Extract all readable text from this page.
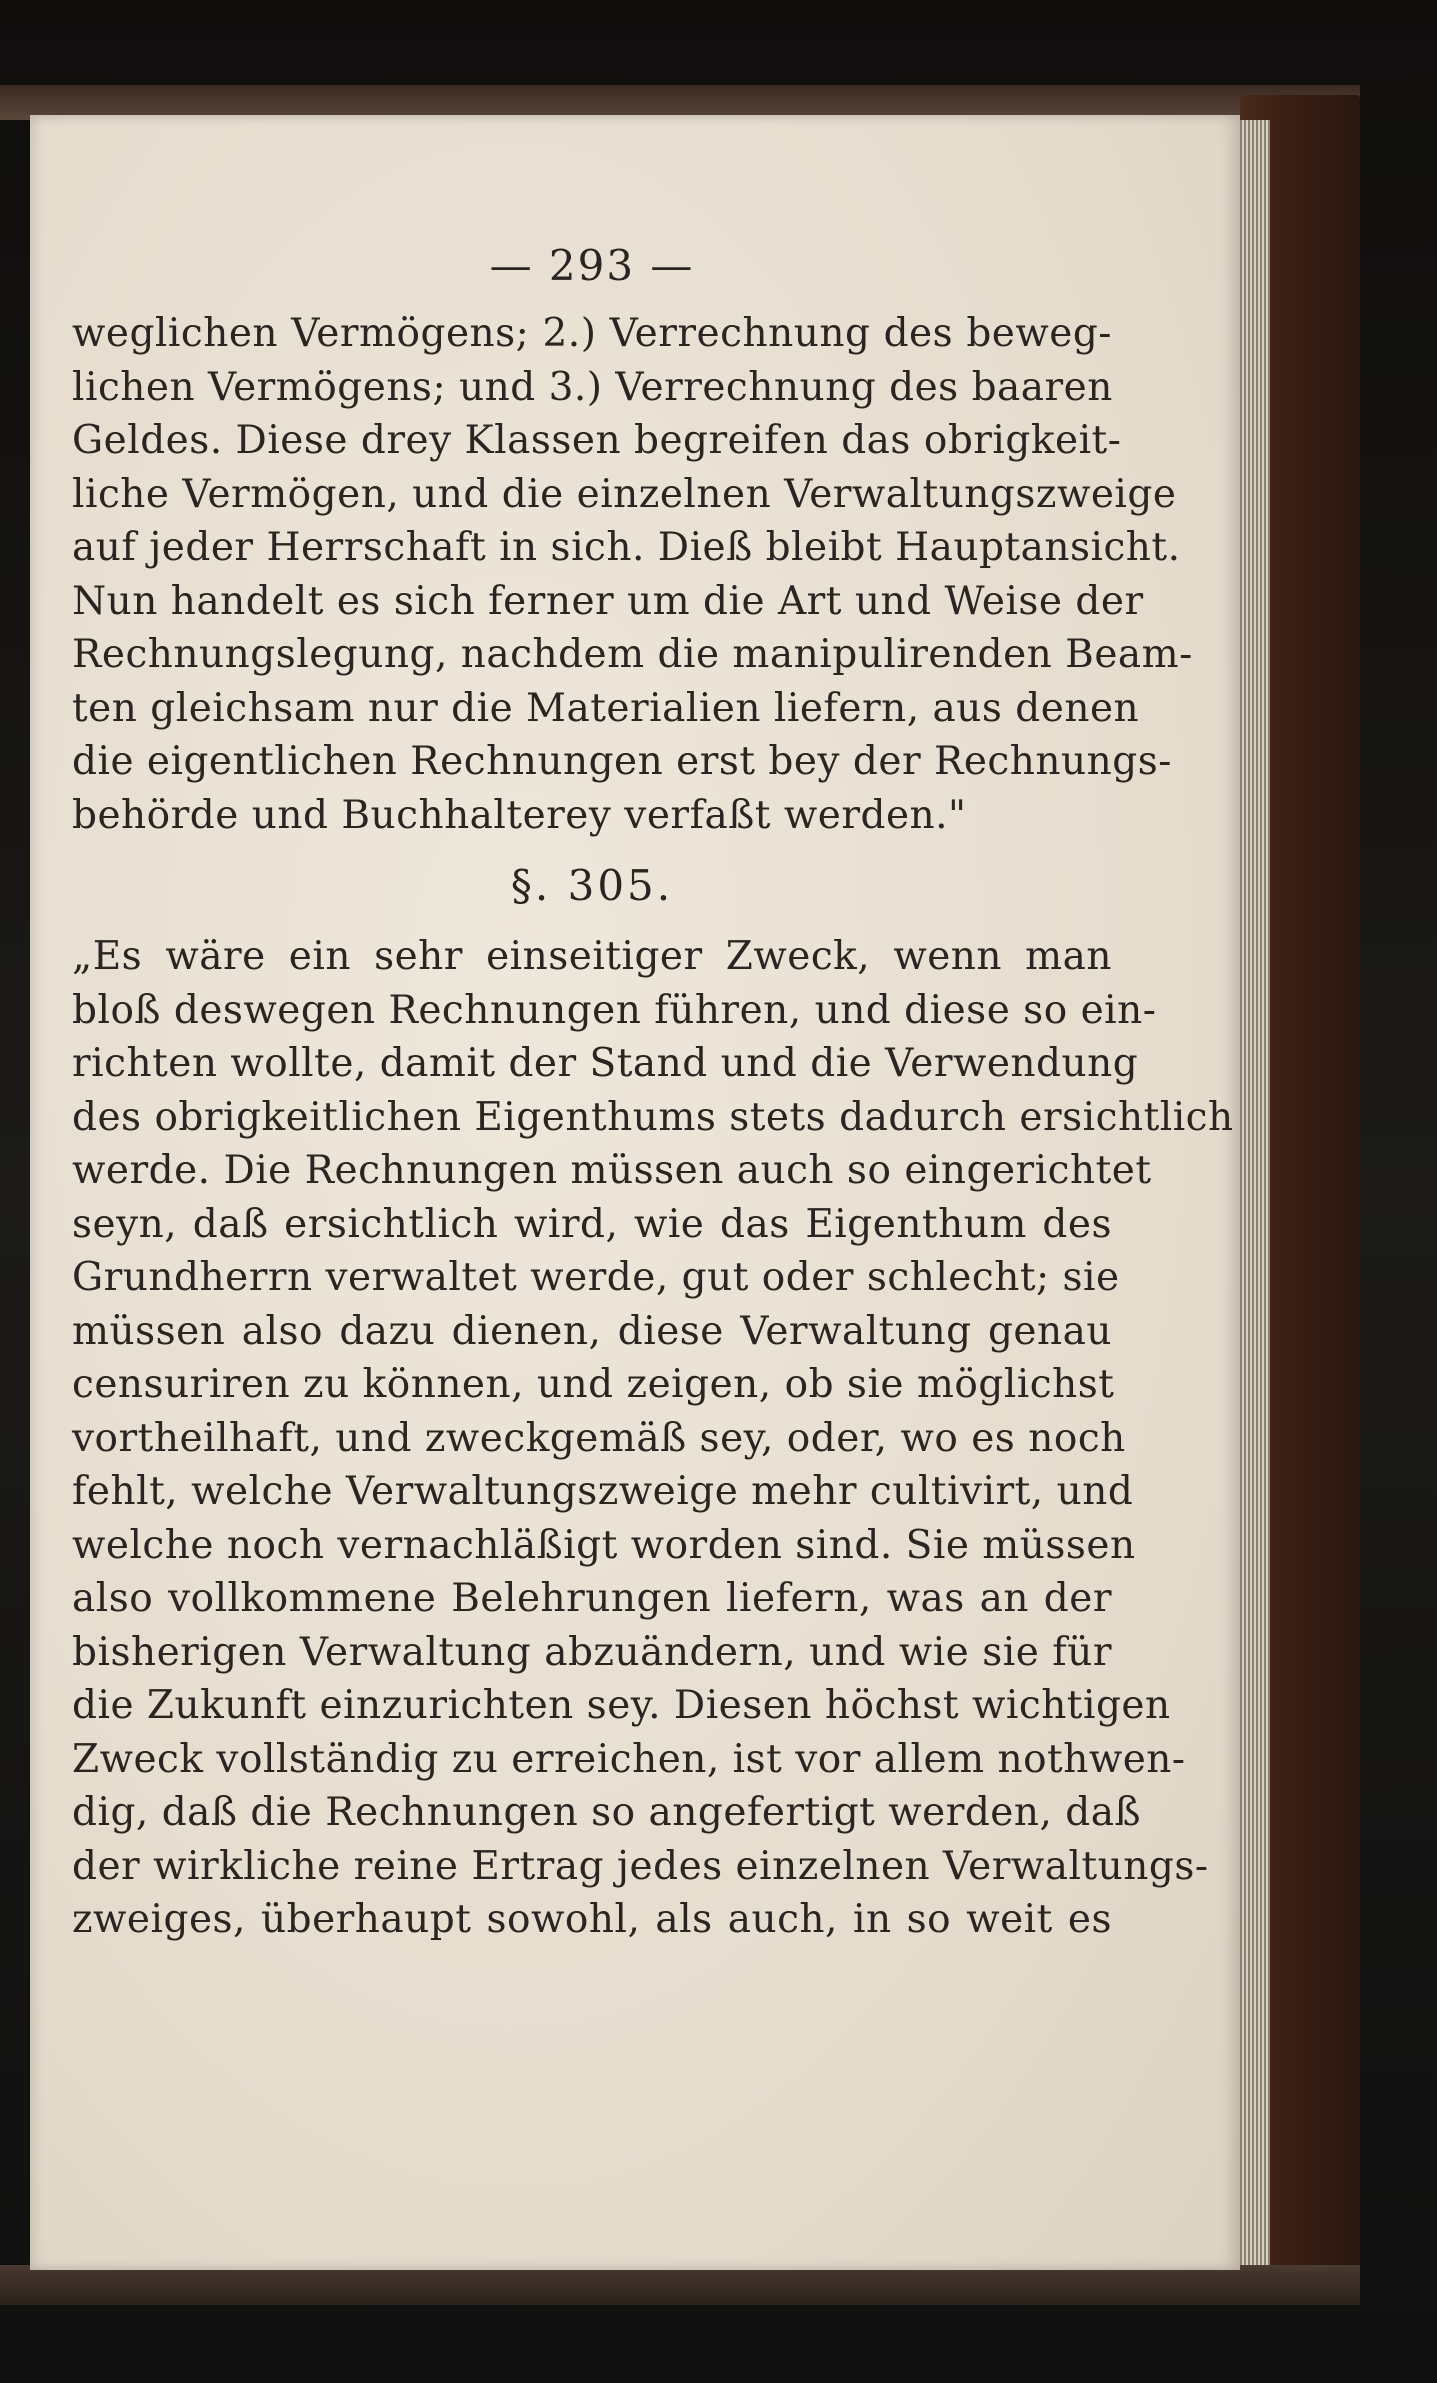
— 293 —
weglichen Vermögens; 2.) Verrechnung des beweg-
lichen Vermögens; und 3.) Verrechnung des baaren
Geldes. Diese drey Klassen begreifen das obrigkeit-
liche Vermögen, und die einzelnen Verwaltungszweige
auf jeder Herrschaft in sich. Dieß bleibt Hauptansicht.
Nun handelt es sich ferner um die Art und Weise der
Rechnungslegung, nachdem die manipulirenden Beam-
ten gleichsam nur die Materialien liefern, aus denen
die eigentlichen Rechnungen erst bey der Rechnungs-
behörde und Buchhalterey verfaßt werden."
§. 305.
„Es wäre ein sehr einseitiger Zweck, wenn man
bloß deswegen Rechnungen führen, und diese so ein-
richten wollte, damit der Stand und die Verwendung
des obrigkeitlichen Eigenthums stets dadurch ersichtlich
werde. Die Rechnungen müssen auch so eingerichtet
seyn, daß ersichtlich wird, wie das Eigenthum des
Grundherrn verwaltet werde, gut oder schlecht; sie
müssen also dazu dienen, diese Verwaltung genau
censuriren zu können, und zeigen, ob sie möglichst
vortheilhaft, und zweckgemäß sey, oder, wo es noch
fehlt, welche Verwaltungszweige mehr cultivirt, und
welche noch vernachläßigt worden sind. Sie müssen
also vollkommene Belehrungen liefern, was an der
bisherigen Verwaltung abzuändern, und wie sie für
die Zukunft einzurichten sey. Diesen höchst wichtigen
Zweck vollständig zu erreichen, ist vor allem nothwen-
dig, daß die Rechnungen so angefertigt werden, daß
der wirkliche reine Ertrag jedes einzelnen Verwaltungs-
zweiges, überhaupt sowohl, als auch, in so weit es
